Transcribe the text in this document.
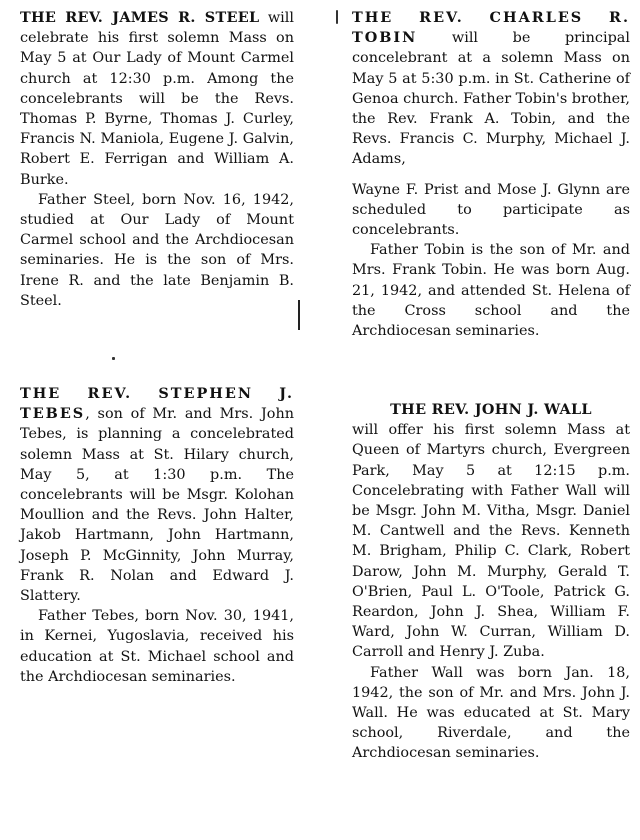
THE REV. JAMES R. STEEL will celebrate his first solemn Mass on May 5 at Our Lady of Mount Carmel church at 12:30 p.m. Among the concelebrants will be the Revs. Thomas P. Byrne, Thomas J. Curley, Francis N. Maniola, Eugene J. Galvin, Robert E. Ferrigan and William A. Burke.

Father Steel, born Nov. 16, 1942, studied at Our Lady of Mount Carmel school and the Archdiocesan seminaries. He is the son of Mrs. Irene R. and the late Benjamin B. Steel.

THE REV. CHARLES R. TOBIN will be principal concelebrant at a solemn Mass on May 5 at 5:30 p.m. in St. Catherine of Genoa church. Father Tobin's brother, the Rev. Frank A. Tobin, and the Revs. Francis C. Murphy, Michael J. Adams,

Wayne F. Prist and Mose J. Glynn are scheduled to participate as concelebrants.

Father Tobin is the son of Mr. and Mrs. Frank Tobin. He was born Aug. 21, 1942, and attended St. Helena of the Cross school and the Archdiocesan seminaries.

THE REV. STEPHEN J. TEBES, son of Mr. and Mrs. John Tebes, is planning a concelebrated solemn Mass at St. Hilary church, May 5, at 1:30 p.m. The concelebrants will be Msgr. Kolohan Moullion and the Revs. John Halter, Jakob Hartmann, John Hartmann, Joseph P. McGinnity, John Murray, Frank R. Nolan and Edward J. Slattery.

Father Tebes, born Nov. 30, 1941, in Kernei, Yugoslavia, received his education at St. Michael school and the Archdiocesan seminaries.

THE REV. JOHN J. WALL

will offer his first solemn Mass at Queen of Martyrs church, Evergreen Park, May 5 at 12:15 p.m. Concelebrating with Father Wall will be Msgr. John M. Vitha, Msgr. Daniel M. Cantwell and the Revs. Kenneth M. Brigham, Philip C. Clark, Robert Darow, John M. Murphy, Gerald T. O'Brien, Paul L. O'Toole, Patrick G. Reardon, John J. Shea, William F. Ward, John W. Curran, William D. Carroll and Henry J. Zuba.

Father Wall was born Jan. 18, 1942, the son of Mr. and Mrs. John J. Wall. He was educated at St. Mary school, Riverdale, and the Archdiocesan seminaries.
